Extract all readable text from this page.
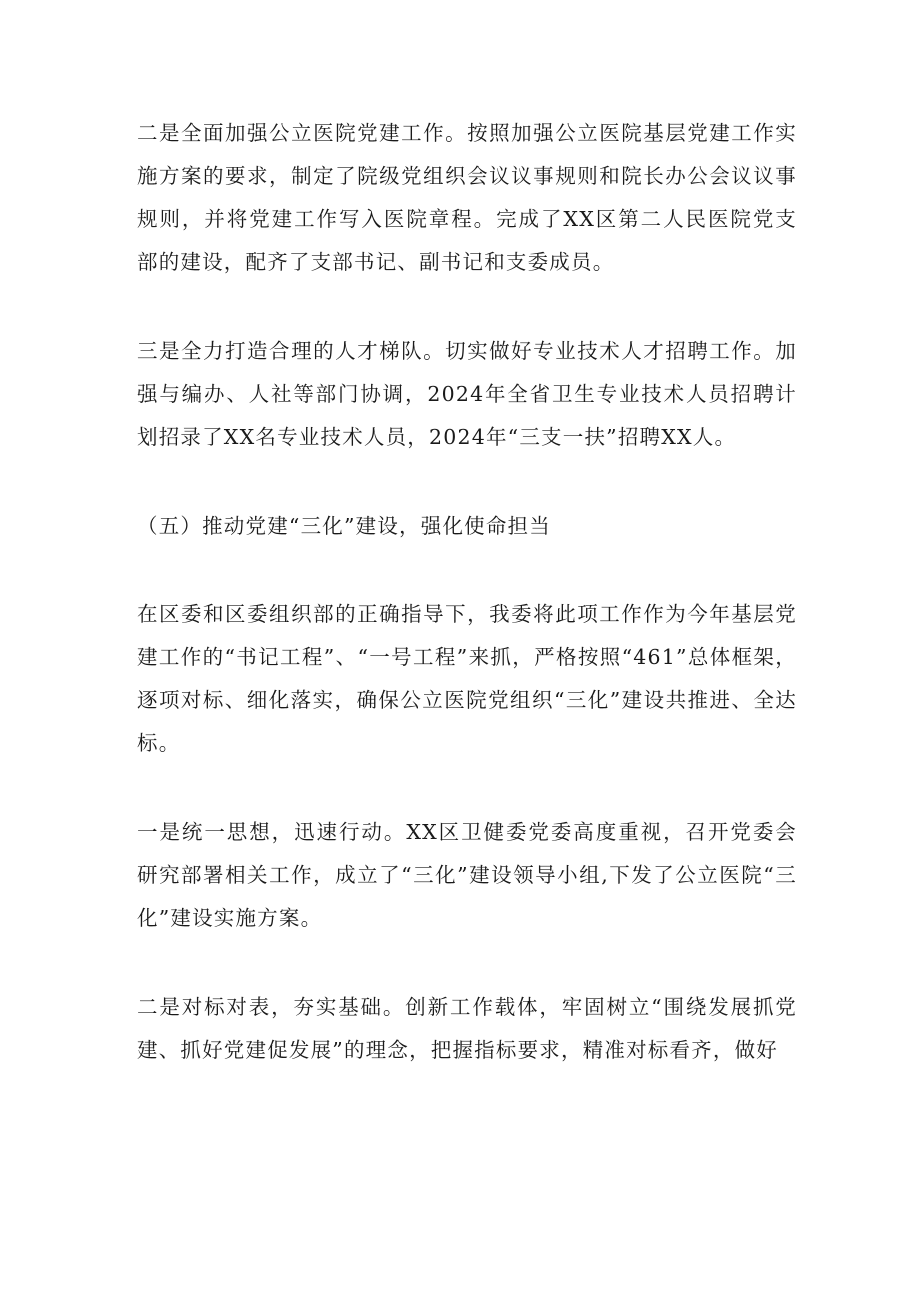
二是全面加强公立医院党建工作。按照加强公立医院基层党建工作实施方案的要求，制定了院级党组织会议议事规则和院长办公会议议事规则，并将党建工作写入医院章程。完成了XX区第二人民医院党支部的建设，配齐了支部书记、副书记和支委成员。

三是全力打造合理的人才梯队。切实做好专业技术人才招聘工作。加强与编办、人社等部门协调，2024年全省卫生专业技术人员招聘计划招录了XX名专业技术人员，2024年“三支一扶”招聘XX人。

（五）推动党建“三化”建设，强化使命担当

在区委和区委组织部的正确指导下，我委将此项工作作为今年基层党建工作的“书记工程”、“一号工程”来抓，严格按照“461”总体框架，逐项对标、细化落实，确保公立医院党组织“三化”建设共推进、全达标。

一是统一思想，迅速行动。XX区卫健委党委高度重视，召开党委会研究部署相关工作，成立了“三化”建设领导小组,下发了公立医院“三化”建设实施方案。

二是对标对表，夯实基础。创新工作载体，牢固树立“围绕发展抓党建、抓好党建促发展”的理念，把握指标要求，精准对标看齐，做好
